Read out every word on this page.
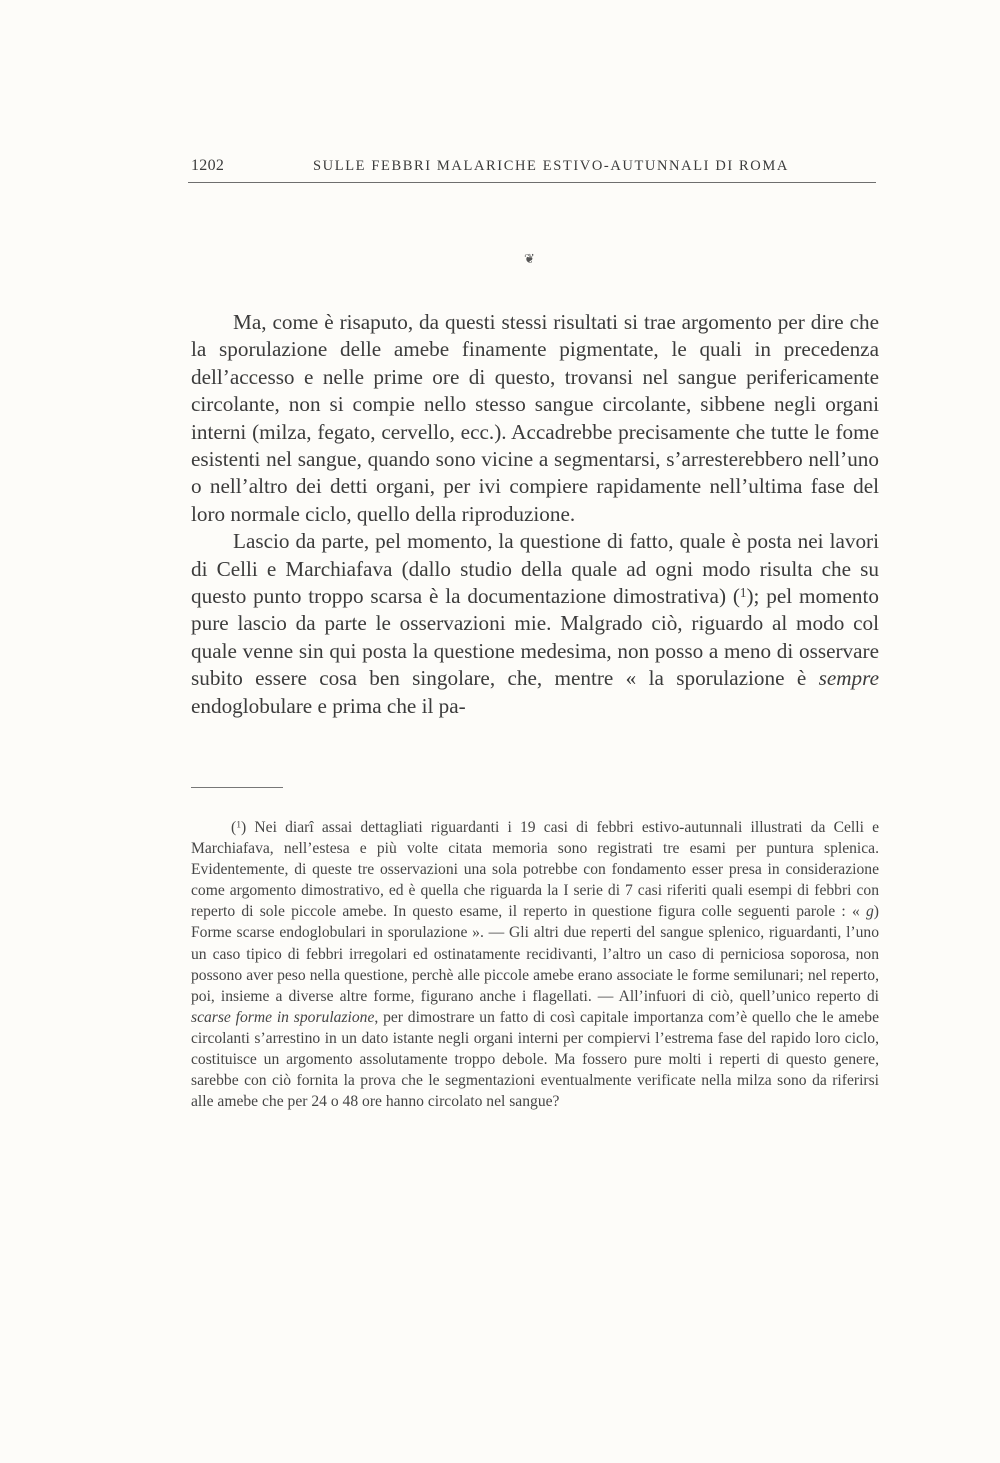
1202	SULLE FEBBRI MALARICHE ESTIVO-AUTUNNALI DI ROMA
❦

Ma, come è risaputo, da questi stessi risultati si trae argomento per dire che la sporulazione delle amebe finamente pigmentate, le quali in precedenza dell’accesso e nelle prime ore di questo, trovansi nel sangue perifericamente circolante, non si compie nello stesso sangue circolante, sibbene negli organi interni (milza, fegato, cervello, ecc.). Accadrebbe precisamente che tutte le fome esistenti nel sangue, quando sono vicine a segmentarsi, s’arresterebbero nell’uno o nell’altro dei detti organi, per ivi compiere rapidamente nell’ultima fase del loro normale ciclo, quello della riproduzione.

Lascio da parte, pel momento, la questione di fatto, quale è posta nei lavori di Celli e Marchiafava (dallo studio della quale ad ogni modo risulta che su questo punto troppo scarsa è la documentazione dimostrativa) ($^1$); pel momento pure lascio da parte le osservazioni mie. Malgrado ciò, riguardo al modo col quale venne sin qui posta la questione medesima, non posso a meno di osservare subito essere cosa ben singolare, che, mentre « la sporulazione è sempre endoglobulare e prima che il pa-

($^1$) Nei diarî assai dettagliati riguardanti i 19 casi di febbri estivo-autunnali illustrati da Celli e Marchiafava, nell’estesa e più volte citata memoria sono registrati tre esami per puntura splenica. Evidentemente, di queste tre osservazioni una sola potrebbe con fondamento esser presa in considerazione come argomento dimostrativo, ed è quella che riguarda la I serie di 7 casi riferiti quali esempi di febbri con reperto di sole piccole amebe. In questo esame, il reperto in questione figura colle seguenti parole : « g) Forme scarse endoglobulari in sporulazione ». — Gli altri due reperti del sangue splenico, riguardanti, l’uno un caso tipico di febbri irregolari ed ostinatamente recidivanti, l’altro un caso di perniciosa soporosa, non possono aver peso nella questione, perchè alle piccole amebe erano associate le forme semilunari; nel reperto, poi, insieme a diverse altre forme, figurano anche i flagellati. — All’infuori di ciò, quell’unico reperto di scarse forme in sporulazione, per dimostrare un fatto di così capitale importanza com’è quello che le amebe circolanti s’arrestino in un dato istante negli organi interni per compiervi l’estrema fase del rapido loro ciclo, costituisce un argomento assolutamente troppo debole. Ma fossero pure molti i reperti di questo genere, sarebbe con ciò fornita la prova che le segmentazioni eventualmente verificate nella milza sono da riferirsi alle amebe che per 24 o 48 ore hanno circolato nel sangue?
